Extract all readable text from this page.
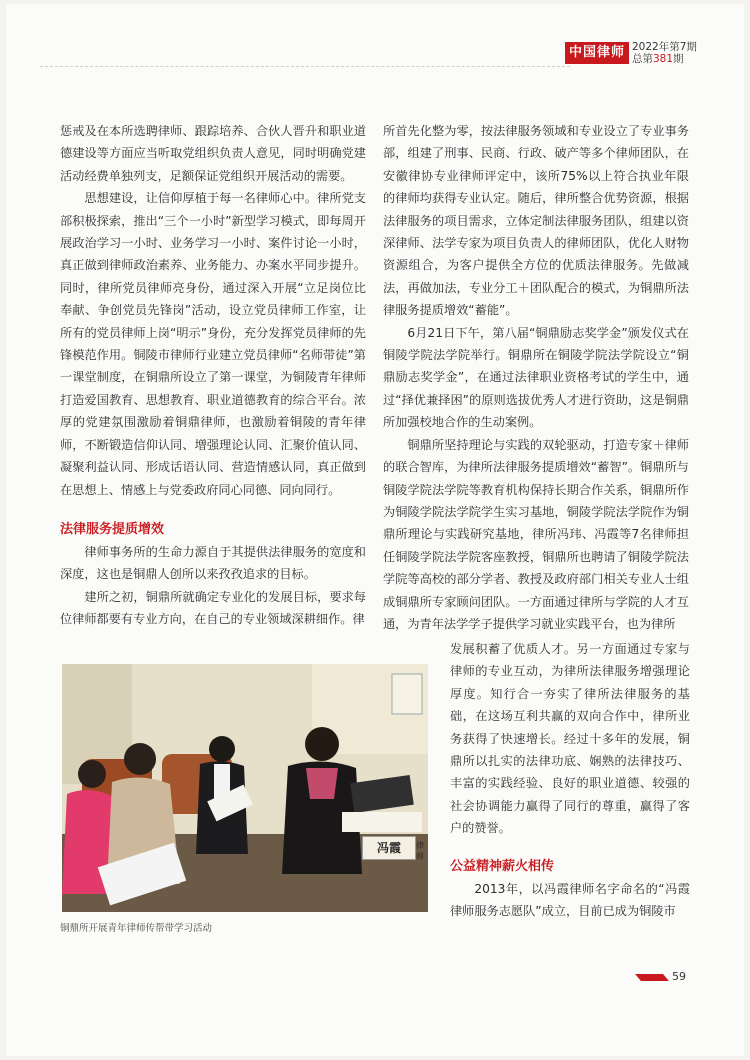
中国律师 2022年第7期
总第381期

惩戒及在本所选聘律师、跟踪培养、合伙人晋升和职业道德建设等方面应当听取党组织负责人意见，同时明确党建活动经费单独列支，足额保证党组织开展活动的需要。

思想建设，让信仰厚植于每一名律师心中。律所党支部积极探索，推出“三个一小时”新型学习模式，即每周开展政治学习一小时、业务学习一小时、案件讨论一小时，真正做到律师政治素养、业务能力、办案水平同步提升。同时，律所党员律师亮身份，通过深入开展“立足岗位比奉献、争创党员先锋岗”活动，设立党员律师工作室，让所有的党员律师上岗“明示”身份，充分发挥党员律师的先锋模范作用。铜陵市律师行业建立党员律师“名师带徒”第一课堂制度，在铜鼎所设立了第一课堂，为铜陵青年律师打造爱国教育、思想教育、职业道德教育的综合平台。浓厚的党建氛围激励着铜鼎律师，也激励着铜陵的青年律师，不断锻造信仰认同、增强理论认同、汇聚价值认同、凝聚利益认同、形成话语认同、营造情感认同，真正做到在思想上、情感上与党委政府同心同德、同向同行。

法律服务提质增效

律师事务所的生命力源自于其提供法律服务的宽度和深度，这也是铜鼎人创所以来孜孜追求的目标。

建所之初，铜鼎所就确定专业化的发展目标，要求每位律师都要有专业方向，在自己的专业领域深耕细作。律

所首先化整为零，按法律服务领域和专业设立了专业事务部，组建了刑事、民商、行政、破产等多个律师团队，在安徽律协专业律师评定中，该所75%以上符合执业年限的律师均获得专业认定。随后，律所整合优势资源，根据法律服务的项目需求，立体定制法律服务团队，组建以资深律师、法学专家为项目负责人的律师团队，优化人财物资源组合，为客户提供全方位的优质法律服务。先做减法，再做加法，专业分工＋团队配合的模式，为铜鼎所法律服务提质增效“蓄能”。

6月21日下午，第八届“铜鼎励志奖学金”颁发仪式在铜陵学院法学院举行。铜鼎所在铜陵学院法学院设立“铜鼎励志奖学金”，在通过法律职业资格考试的学生中，通过“择优兼择困”的原则选拔优秀人才进行资助，这是铜鼎所加强校地合作的生动案例。

铜鼎所坚持理论与实践的双轮驱动，打造专家＋律师的联合智库，为律所法律服务提质增效“蓄智”。铜鼎所与铜陵学院法学院等教育机构保持长期合作关系，铜鼎所作为铜陵学院法学院学生实习基地，铜陵学院法学院作为铜鼎所理论与实践研究基地，律所冯玮、冯霞等7名律师担任铜陵学院法学院客座教授，铜鼎所也聘请了铜陵学院法学院等高校的部分学者、教授及政府部门相关专业人士组成铜鼎所专家顾问团队。一方面通过律所与学院的人才互通，为青年法学学子提供学习就业实践平台，也为律所

发展积蓄了优质人才。另一方面通过专家与律师的专业互动，为律所法律服务增强理论厚度。知行合一夯实了律所法律服务的基础，在这场互利共赢的双向合作中，律所业务获得了快速增长。经过十多年的发展，铜鼎所以扎实的法律功底、娴熟的法律技巧、丰富的实践经验、良好的职业道德、较强的社会协调能力赢得了同行的尊重，赢得了客户的赞誉。

公益精神薪火相传

2013年，以冯霞律师名字命名的“冯霞律师服务志愿队”成立，目前已成为铜陵市

冯霞	律师
铜鼎所开展青年律师传帮带学习活动
59
